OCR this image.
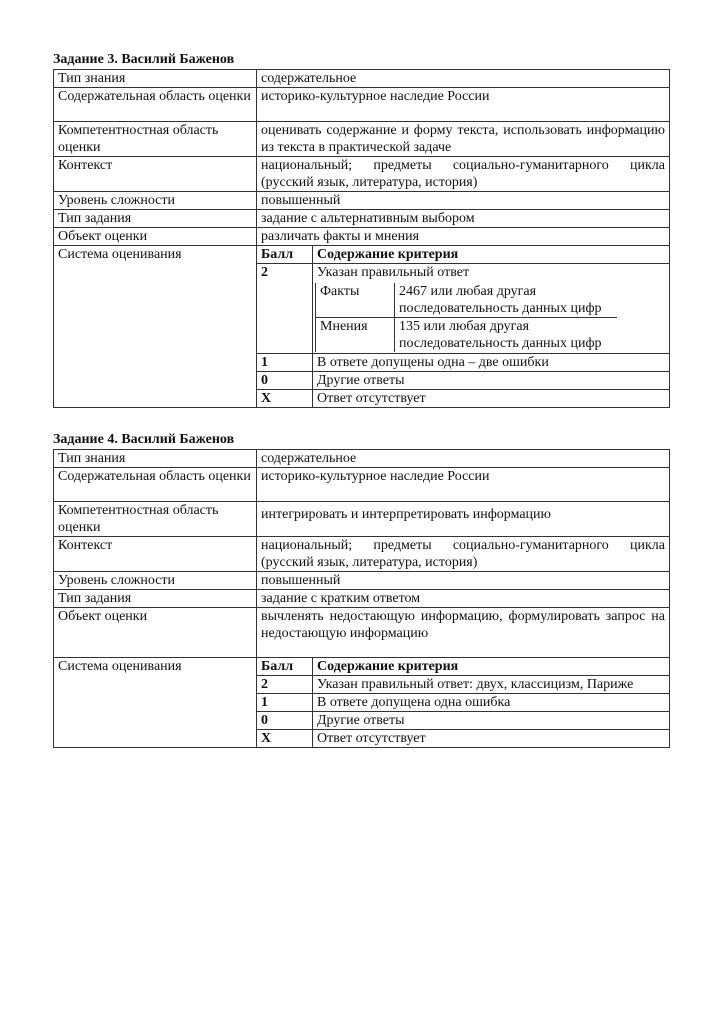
Задание 3. Василий Баженов
Тип знания	содержательное
Содержательная область оценки	историко-культурное наследие России
Компетентностная область оценки	оценивать содержание и форму текста, использовать информацию из текста в практической задаче
Контекст	национальный; предметы социально-гуманитарного цикла (русский язык, литература, история)
Уровень сложности	повышенный
Тип задания	задание с альтернативным выбором
Объект оценки	различать факты и мнения
Система оценивания		Балл	Содержание критерия
2	Указан правильный ответ
Факты	2467 или любая другая последовательность данных цифр
Мнения	135 или любая другая последовательность данных цифр

1	В ответе допущены одна – две ошибки
0	Другие ответы
X	Ответ отсутствует
Задание 4. Василий Баженов
Тип знания	содержательное
Содержательная область оценки	историко-культурное наследие России
Компетентностная область оценки	интегрировать и интерпретировать информацию
Контекст	национальный; предметы социально-гуманитарного цикла (русский язык, литература, история)
Уровень сложности	повышенный
Тип задания	задание с кратким ответом
Объект оценки	вычленять недостающую информацию, формулировать запрос на недостающую информацию
Система оценивания		Балл	Содержание критерия
2	Указан правильный ответ: двух, классицизм, Париже
1	В ответе допущена одна ошибка
0	Другие ответы
X	Ответ отсутствует
